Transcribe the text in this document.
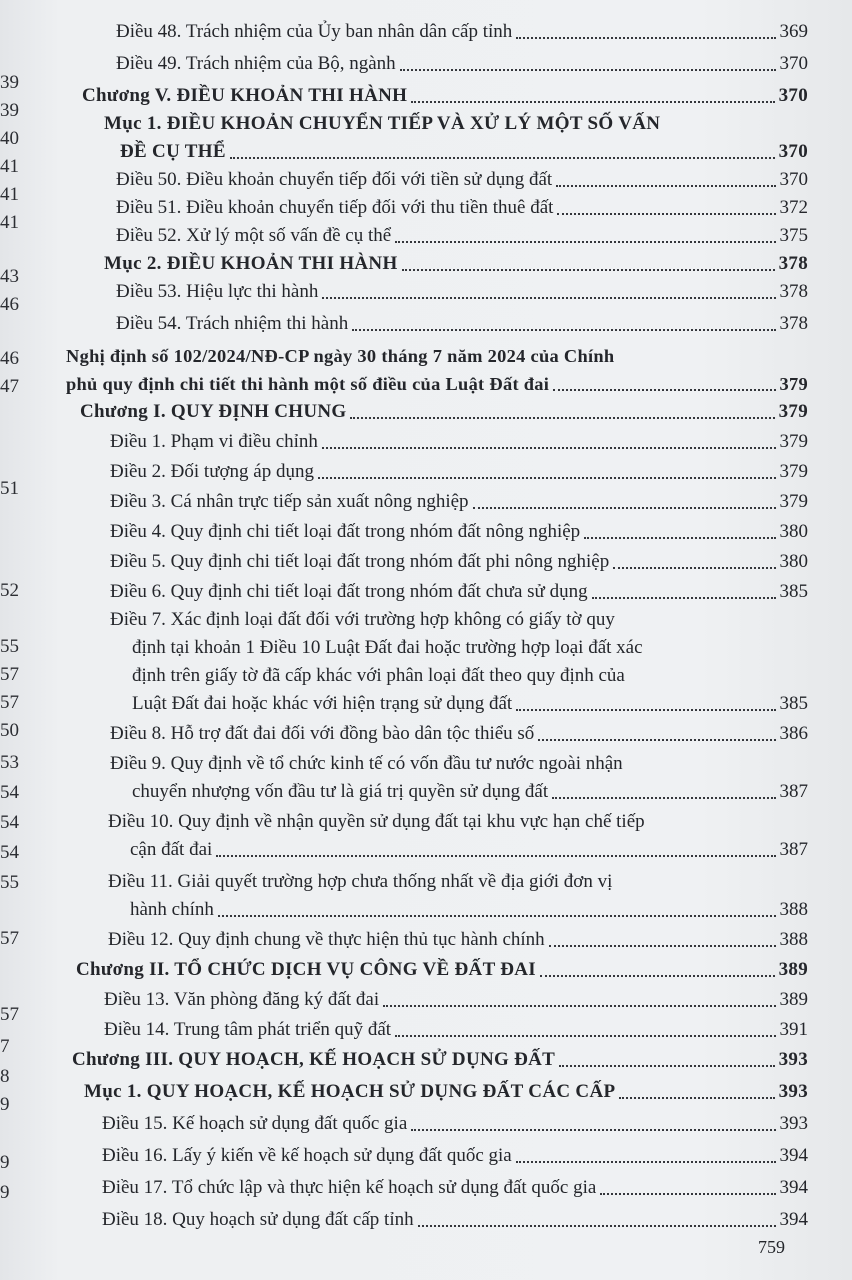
39
39
40
41
41
41
43
46
46
47
51
52
55
57
57
50
53
54
54
54
55
57
57
7
8
9
9
9
Điều 48. Trách nhiệm của Ủy ban nhân dân cấp tỉnh	369
Điều 49. Trách nhiệm của Bộ, ngành	370
Chương V. ĐIỀU KHOẢN THI HÀNH	370
Mục 1. ĐIỀU KHOẢN CHUYỂN TIẾP VÀ XỬ LÝ MỘT SỐ VẤN
ĐỀ CỤ THỂ	370
Điều 50. Điều khoản chuyển tiếp đối với tiền sử dụng đất	370
Điều 51. Điều khoản chuyển tiếp đối với thu tiền thuê đất	372
Điều 52. Xử lý một số vấn đề cụ thể	375
Mục 2. ĐIỀU KHOẢN THI HÀNH	378
Điều 53. Hiệu lực thi hành	378
Điều 54. Trách nhiệm thi hành	378
Nghị định số 102/2024/NĐ-CP ngày 30 tháng 7 năm 2024 của Chính
phủ quy định chi tiết thi hành một số điều của Luật Đất đai	379
Chương I. QUY ĐỊNH CHUNG	379
Điều 1. Phạm vi điều chỉnh	379
Điều 2. Đối tượng áp dụng	379
Điều 3. Cá nhân trực tiếp sản xuất nông nghiệp	379
Điều 4. Quy định chi tiết loại đất trong nhóm đất nông nghiệp	380
Điều 5. Quy định chi tiết loại đất trong nhóm đất phi nông nghiệp	380
Điều 6. Quy định chi tiết loại đất trong nhóm đất chưa sử dụng	385
Điều 7. Xác định loại đất đối với trường hợp không có giấy tờ quy
định tại khoản 1 Điều 10 Luật Đất đai hoặc trường hợp loại đất xác
định trên giấy tờ đã cấp khác với phân loại đất theo quy định của
Luật Đất đai hoặc khác với hiện trạng sử dụng đất	385
Điều 8. Hỗ trợ đất đai đối với đồng bào dân tộc thiểu số	386
Điều 9. Quy định về tổ chức kinh tế có vốn đầu tư nước ngoài nhận
chuyển nhượng vốn đầu tư là giá trị quyền sử dụng đất	387
Điều 10. Quy định về nhận quyền sử dụng đất tại khu vực hạn chế tiếp
cận đất đai	387
Điều 11. Giải quyết trường hợp chưa thống nhất về địa giới đơn vị
hành chính	388
Điều 12. Quy định chung về thực hiện thủ tục hành chính	388
Chương II. TỔ CHỨC DỊCH VỤ CÔNG VỀ ĐẤT ĐAI	389
Điều 13. Văn phòng đăng ký đất đai	389
Điều 14. Trung tâm phát triển quỹ đất	391
Chương III. QUY HOẠCH, KẾ HOẠCH SỬ DỤNG ĐẤT	393
Mục 1. QUY HOẠCH, KẾ HOẠCH SỬ DỤNG ĐẤT CÁC CẤP	393
Điều 15. Kế hoạch sử dụng đất quốc gia	393
Điều 16. Lấy ý kiến về kế hoạch sử dụng đất quốc gia	394
Điều 17. Tổ chức lập và thực hiện kế hoạch sử dụng đất quốc gia	394
Điều 18. Quy hoạch sử dụng đất cấp tỉnh	394
759
